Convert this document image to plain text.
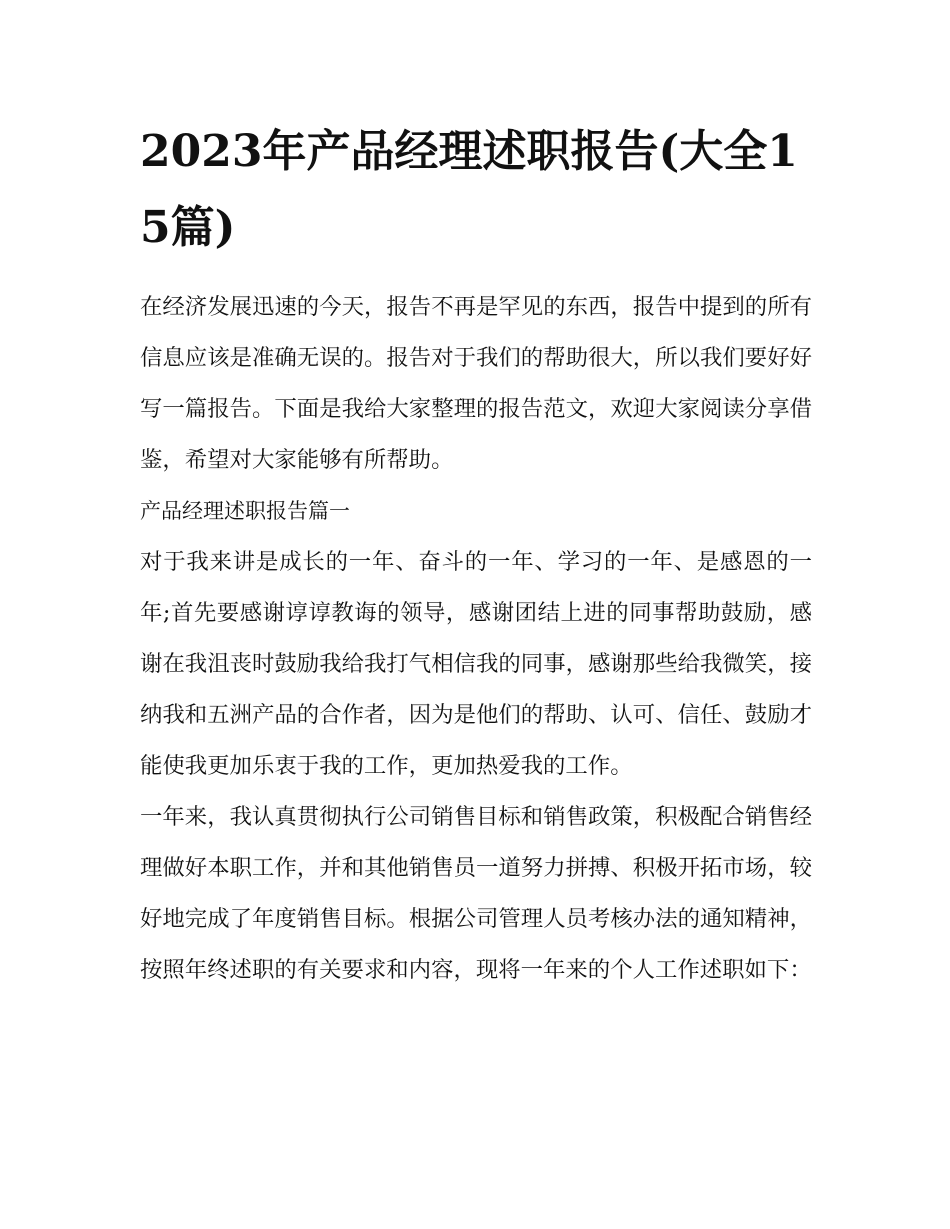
2023年产品经理述职报告(大全15篇)

在经济发展迅速的今天，报告不再是罕见的东西，报告中提到的所有信息应该是准确无误的。报告对于我们的帮助很大，所以我们要好好写一篇报告。下面是我给大家整理的报告范文，欢迎大家阅读分享借鉴，希望对大家能够有所帮助。

产品经理述职报告篇一

对于我来讲是成长的一年、奋斗的一年、学习的一年、是感恩的一年;首先要感谢谆谆教诲的领导，感谢团结上进的同事帮助鼓励，感谢在我沮丧时鼓励我给我打气相信我的同事，感谢那些给我微笑，接纳我和五洲产品的合作者，因为是他们的帮助、认可、信任、鼓励才能使我更加乐衷于我的工作，更加热爱我的工作。

一年来，我认真贯彻执行公司销售目标和销售政策，积极配合销售经理做好本职工作，并和其他销售员一道努力拼搏、积极开拓市场，较好地完成了年度销售目标。根据公司管理人员考核办法的通知精神，按照年终述职的有关要求和内容，现将一年来的个人工作述职如下：
